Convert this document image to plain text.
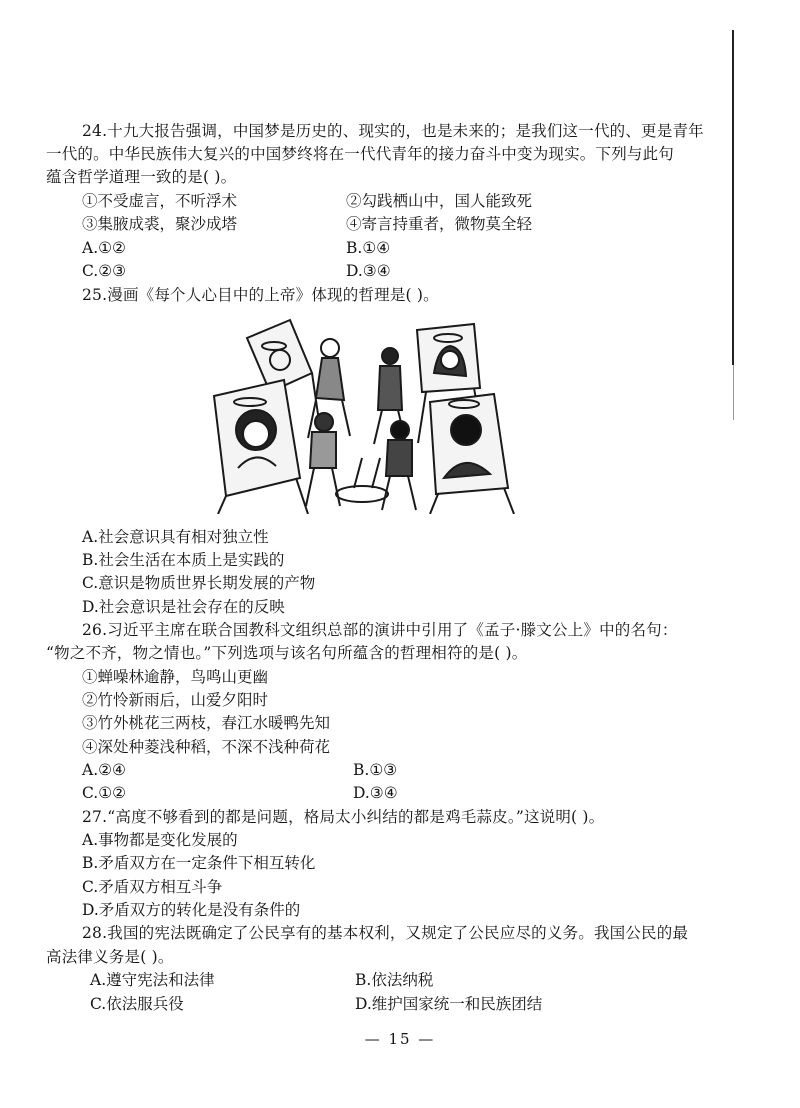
24.十九大报告强调，中国梦是历史的、现实的，也是未来的；是我们这一代的、更是青年
一代的。中华民族伟大复兴的中国梦终将在一代代青年的接力奋斗中变为现实。下列与此句
蕴含哲学道理一致的是( )。
①不受虚言，不听浮术	②勾践栖山中，国人能致死
③集腋成裘，聚沙成塔	④寄言持重者，微物莫全轻
A.①②	B.①④
C.②③	D.③④
25.漫画《每个人心目中的上帝》体现的哲理是( )。
A.社会意识具有相对独立性
B.社会生活在本质上是实践的
C.意识是物质世界长期发展的产物
D.社会意识是社会存在的反映
26.习近平主席在联合国教科文组织总部的演讲中引用了《孟子·滕文公上》中的名句：
“物之不齐，物之情也。”下列选项与该名句所蕴含的哲理相符的是( )。
①蝉噪林逾静，鸟鸣山更幽
②竹怜新雨后，山爱夕阳时
③竹外桃花三两枝，春江水暖鸭先知
④深处种菱浅种稻，不深不浅种荷花
A.②④	B.①③
C.①②	D.③④
27.“高度不够看到的都是问题，格局太小纠结的都是鸡毛蒜皮。”这说明( )。
A.事物都是变化发展的
B.矛盾双方在一定条件下相互转化
C.矛盾双方相互斗争
D.矛盾双方的转化是没有条件的
28.我国的宪法既确定了公民享有的基本权利，又规定了公民应尽的义务。我国公民的最
高法律义务是( )。
A.遵守宪法和法律	B.依法纳税
C.依法服兵役	D.维护国家统一和民族团结
— 15 —
